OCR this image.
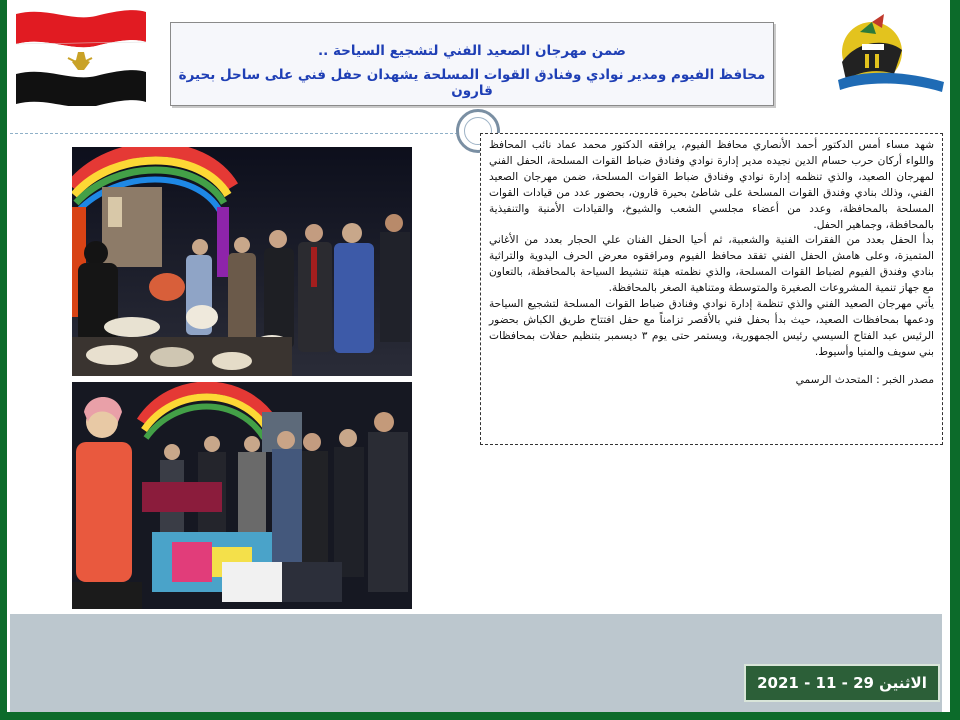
ضمن مهرجان الصعيد الفني لتشجيع السياحة ..
محافظ الفيوم ومدير نوادي وفنادق القوات المسلحة يشهدان حفل فني على ساحل بحيرة قارون

شهد مساء أمس الدكتور أحمد الأنصاري محافظ الفيوم، يرافقه الدكتور محمد عماد نائب المحافظ واللواء أركان حرب حسام الدين نجيده مدير إدارة نوادي وفنادق ضباط القوات المسلحة، الحفل الفني لمهرجان الصعيد، والذي تنظمه إدارة نوادي وفنادق ضباط القوات المسلحة، ضمن مهرجان الصعيد الفني، وذلك بنادي وفندق القوات المسلحة على شاطئ بحيرة قارون، بحضور عدد من قيادات القوات المسلحة بالمحافظة، وعدد من أعضاء مجلسي الشعب والشيوخ، والقيادات الأمنية والتنفيذية بالمحافظة، وجماهير الحفل.

بدأ الحفل بعدد من الفقرات الفنية والشعبية، ثم أحيا الحفل الفنان علي الحجار بعدد من الأغاني المتميزة، وعلى هامش الحفل الفني تفقد محافظ الفيوم ومرافقوه معرض الحرف اليدوية والتراثية بنادي وفندق الفيوم لضباط القوات المسلحة، والذي نظمته هيئة تنشيط السياحة بالمحافظة، بالتعاون مع جهاز تنمية المشروعات الصغيرة والمتوسطة ومتناهية الصغر بالمحافظة.

يأتي مهرجان الصعيد الفني والذي تنظمة إدارة نوادي وفنادق ضباط القوات المسلحة لتشجيع السياحة ودعمها بمحافظات الصعيد، حيث بدأ بحفل فني بالأقصر تزامناً مع حفل افتتاح طريق الكباش بحضور الرئيس عبد الفتاح السيسي رئيس الجمهورية، ويستمر حتى يوم ٣ ديسمبر بتنظيم حفلات بمحافظات بني سويف والمنيا وأسيوط.

مصدر الخبر : المتحدث الرسمي

الاثنين 29 - 11 - 2021
